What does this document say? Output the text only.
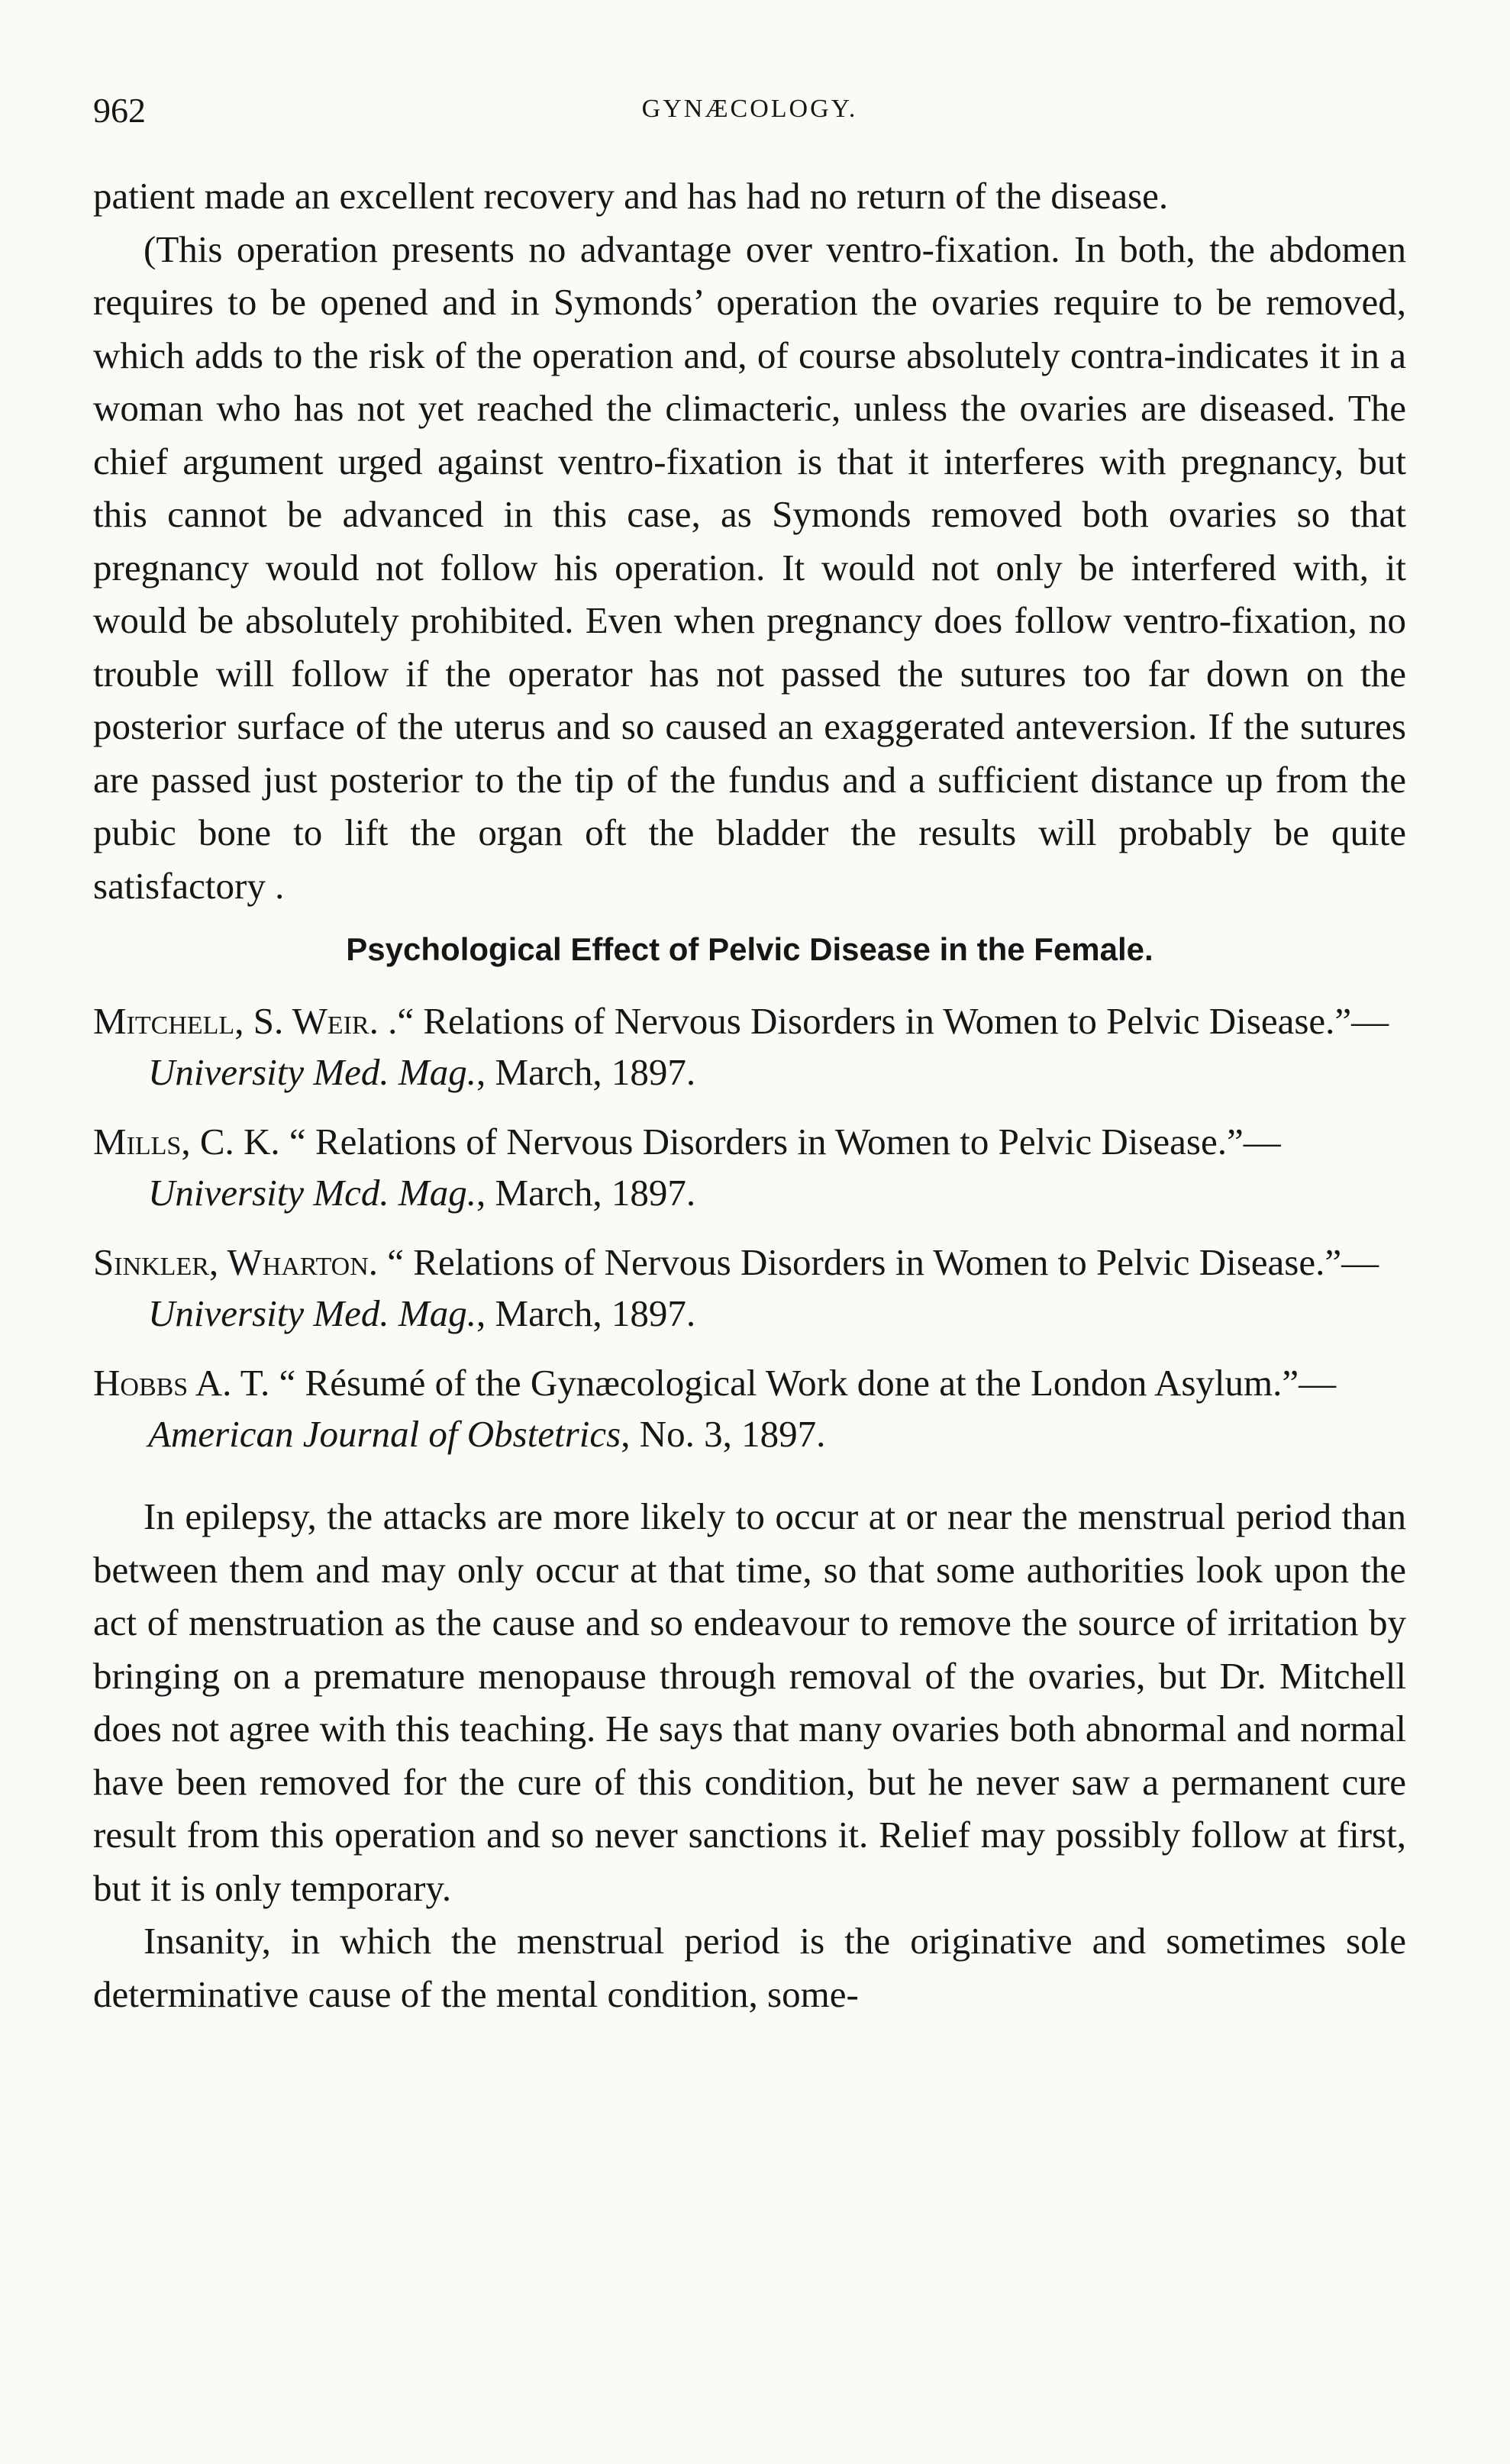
962	GYNÆCOLOGY.

patient made an excellent recovery and has had no return of the disease.

(This operation presents no advantage over ventro-fixation. In both, the abdomen requires to be opened and in Symonds’ operation the ovaries require to be removed, which adds to the risk of the operation and, of course absolutely contra-indicates it in a woman who has not yet reached the climacteric, unless the ovaries are diseased. The chief argument urged against ventro-fixation is that it interferes with pregnancy, but this cannot be advanced in this case, as Symonds removed both ovaries so that pregnancy would not follow his operation. It would not only be interfered with, it would be absolutely prohibited. Even when pregnancy does follow ventro-fixation, no trouble will follow if the operator has not passed the sutures too far down on the posterior surface of the uterus and so caused an exaggerated anteversion. If the sutures are passed just posterior to the tip of the fundus and a sufficient distance up from the pubic bone to lift the organ oft the bladder the results will probably be quite satisfactory .

Psychological Effect of Pelvic Disease in the Female.
Mitchell, S. Weir. .“ Relations of Nervous Disorders in Women to Pelvic Disease.”—University Med. Mag., March, 1897.
Mills, C. K. “ Relations of Nervous Disorders in Women to Pelvic Disease.”—University Mcd. Mag., March, 1897.
Sinkler, Wharton. “ Relations of Nervous Disorders in Women to Pelvic Disease.”—University Med. Mag., March, 1897.
Hobbs A. T. “ Résumé of the Gynæcological Work done at the London Asylum.”—American Journal of Obstetrics, No. 3, 1897.

In epilepsy, the attacks are more likely to occur at or near the menstrual period than between them and may only occur at that time, so that some authorities look upon the act of menstruation as the cause and so endeavour to remove the source of irritation by bringing on a premature menopause through removal of the ovaries, but Dr. Mitchell does not agree with this teaching. He says that many ovaries both abnormal and normal have been removed for the cure of this condition, but he never saw a permanent cure result from this operation and so never sanctions it. Relief may possibly follow at first, but it is only temporary.

Insanity, in which the menstrual period is the originative and sometimes sole determinative cause of the mental condition, some-
